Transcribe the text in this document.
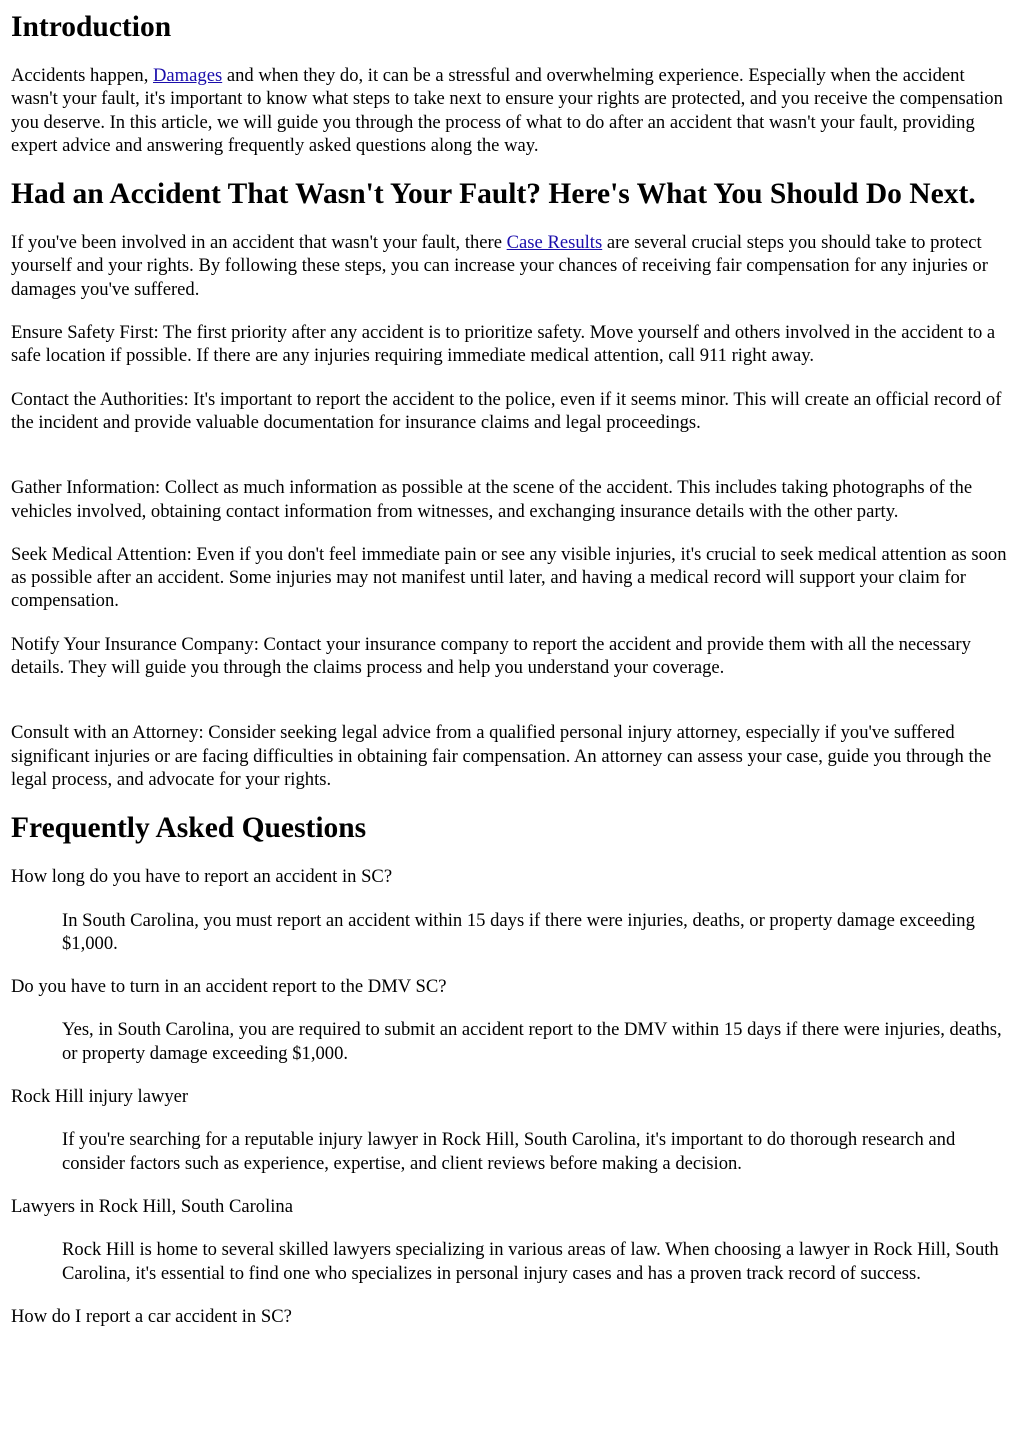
Introduction

Accidents happen, Damages and when they do, it can be a stressful and overwhelming experience. Especially when the accident wasn't your fault, it's important to know what steps to take next to ensure your rights are protected, and you receive the compensation you deserve. In this article, we will guide you through the process of what to do after an accident that wasn't your fault, providing expert advice and answering frequently asked questions along the way.

Had an Accident That Wasn't Your Fault? Here's What You Should Do Next.

If you've been involved in an accident that wasn't your fault, there Case Results are several crucial steps you should take to protect yourself and your rights. By following these steps, you can increase your chances of receiving fair compensation for any injuries or damages you've suffered.

Ensure Safety First: The first priority after any accident is to prioritize safety. Move yourself and others involved in the accident to a safe location if possible. If there are any injuries requiring immediate medical attention, call 911 right away.

Contact the Authorities: It's important to report the accident to the police, even if it seems minor. This will create an official record of the incident and provide valuable documentation for insurance claims and legal proceedings.

Gather Information: Collect as much information as possible at the scene of the accident. This includes taking photographs of the vehicles involved, obtaining contact information from witnesses, and exchanging insurance details with the other party.

Seek Medical Attention: Even if you don't feel immediate pain or see any visible injuries, it's crucial to seek medical attention as soon as possible after an accident. Some injuries may not manifest until later, and having a medical record will support your claim for compensation.

Notify Your Insurance Company: Contact your insurance company to report the accident and provide them with all the necessary details. They will guide you through the claims process and help you understand your coverage.

Consult with an Attorney: Consider seeking legal advice from a qualified personal injury attorney, especially if you've suffered significant injuries or are facing difficulties in obtaining fair compensation. An attorney can assess your case, guide you through the legal process, and advocate for your rights.

Frequently Asked Questions
How long do you have to report an accident in SC?
In South Carolina, you must report an accident within 15 days if there were injuries, deaths, or property damage exceeding $1,000.
Do you have to turn in an accident report to the DMV SC?
Yes, in South Carolina, you are required to submit an accident report to the DMV within 15 days if there were injuries, deaths, or property damage exceeding $1,000.
Rock Hill injury lawyer
If you're searching for a reputable injury lawyer in Rock Hill, South Carolina, it's important to do thorough research and consider factors such as experience, expertise, and client reviews before making a decision.
Lawyers in Rock Hill, South Carolina
Rock Hill is home to several skilled lawyers specializing in various areas of law. When choosing a lawyer in Rock Hill, South Carolina, it's essential to find one who specializes in personal injury cases and has a proven track record of success.
How do I report a car accident in SC?
